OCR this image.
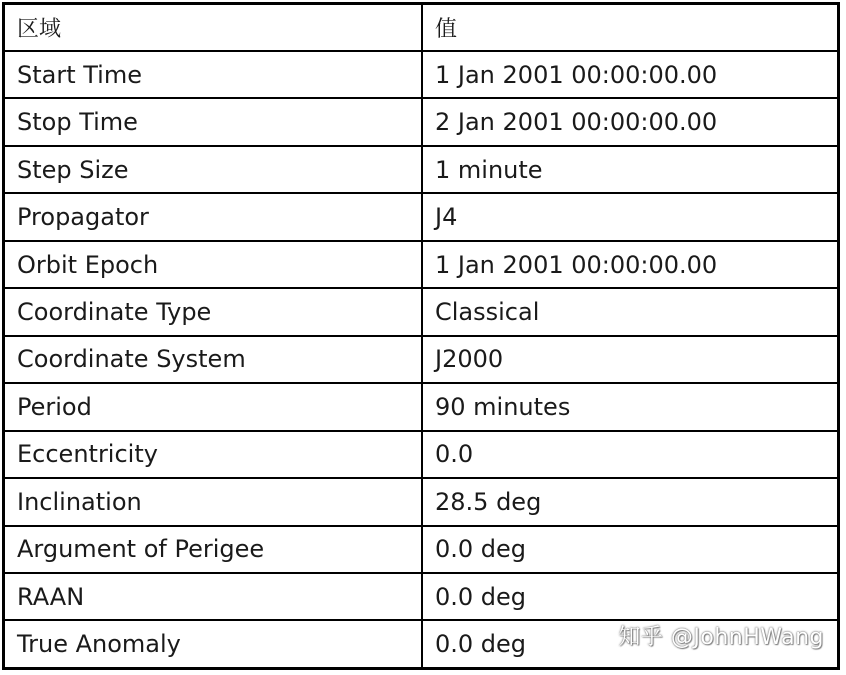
区域	值
Start Time	1 Jan 2001 00:00:00.00
Stop Time	2 Jan 2001 00:00:00.00
Step Size	1 minute
Propagator	J4
Orbit Epoch	1 Jan 2001 00:00:00.00
Coordinate Type	Classical
Coordinate System	J2000
Period	90 minutes
Eccentricity	0.0
Inclination	28.5 deg
Argument of Perigee	0.0 deg
RAAN	0.0 deg
True Anomaly	0.0 deg	知乎 @JohnHWang
